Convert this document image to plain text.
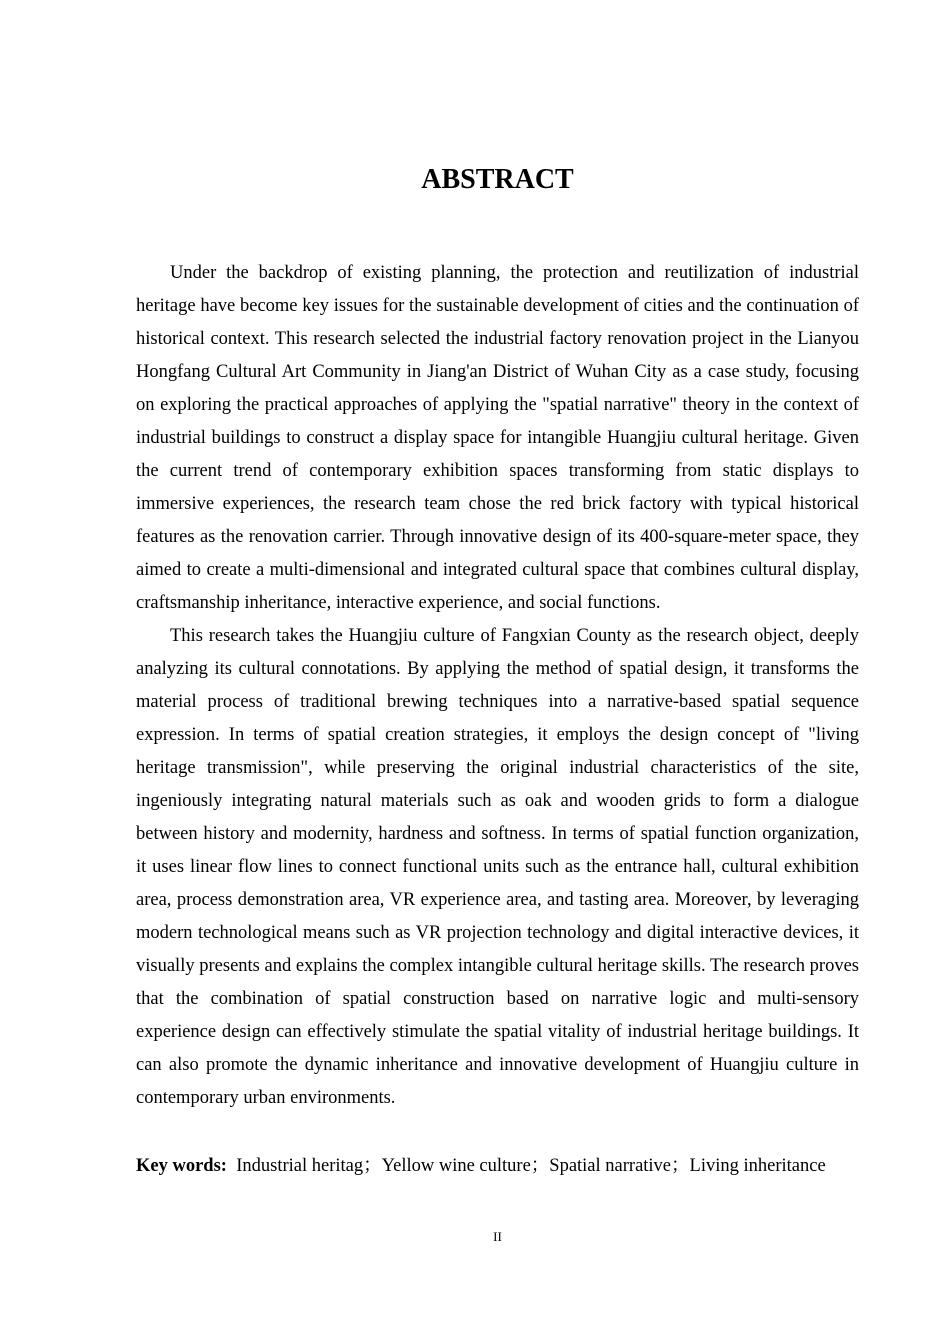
ABSTRACT

Under the backdrop of existing planning, the protection and reutilization of industrial heritage have become key issues for the sustainable development of cities and the continuation of historical context. This research selected the industrial factory renovation project in the Lianyou Hongfang Cultural Art Community in Jiang'an District of Wuhan City as a case study, focusing on exploring the practical approaches of applying the "spatial narrative" theory in the context of industrial buildings to construct a display space for intangible Huangjiu cultural heritage. Given the current trend of contemporary exhibition spaces transforming from static displays to immersive experiences, the research team chose the red brick factory with typical historical features as the renovation carrier. Through innovative design of its 400-square-meter space, they aimed to create a multi-dimensional and integrated cultural space that combines cultural display, craftsmanship inheritance, interactive experience, and social functions.

This research takes the Huangjiu culture of Fangxian County as the research object, deeply analyzing its cultural connotations. By applying the method of spatial design, it transforms the material process of traditional brewing techniques into a narrative-based spatial sequence expression. In terms of spatial creation strategies, it employs the design concept of "living heritage transmission", while preserving the original industrial characteristics of the site, ingeniously integrating natural materials such as oak and wooden grids to form a dialogue between history and modernity, hardness and softness. In terms of spatial function organization, it uses linear flow lines to connect functional units such as the entrance hall, cultural exhibition area, process demonstration area, VR experience area, and tasting area. Moreover, by leveraging modern technological means such as VR projection technology and digital interactive devices, it visually presents and explains the complex intangible cultural heritage skills. The research proves that the combination of spatial construction based on narrative logic and multi-sensory experience design can effectively stimulate the spatial vitality of industrial heritage buildings. It can also promote the dynamic inheritance and innovative development of Huangjiu culture in contemporary urban environments.

Key words: Industrial heritag；Yellow wine culture；Spatial narrative；Living inheritance

II
